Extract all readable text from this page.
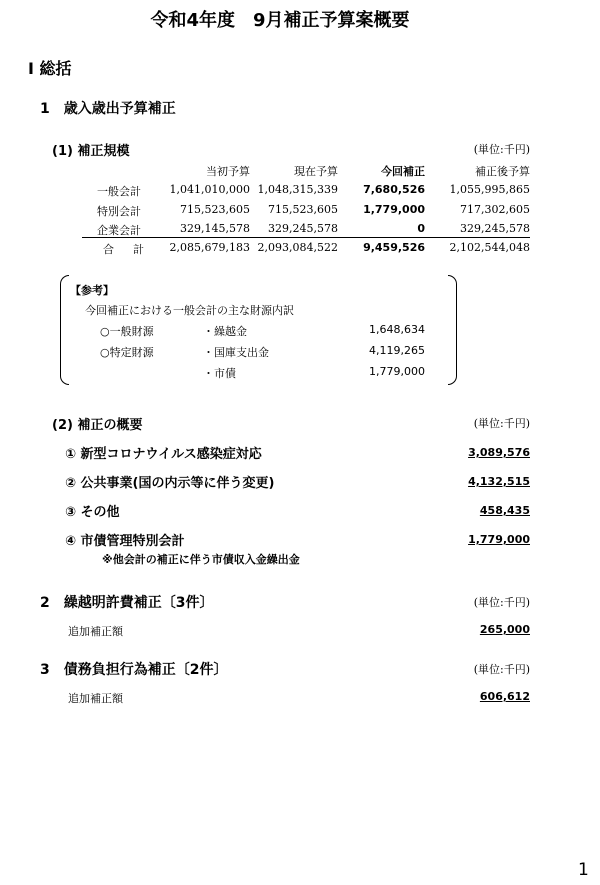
令和4年度　9月補正予算案概要
Ⅰ 総括
1　歳入歳出予算補正
(1) 補正規模	(単位:千円)
当初予算	現在予算	今回補正	補正後予算
一般会計	1,041,010,000 1,048,315,339	7,680,526	1,055,995,865
特別会計	715,523,605	715,523,605	1,779,000	717,302,605
企業会計	329,145,578	329,245,578	0	329,245,578
合　計	2,085,679,183 2,093,084,522	9,459,526	2,102,544,048
【参考】
今回補正における一般会計の主な財源内訳
○一般財源	・繰越金	1,648,634
○特定財源	・国庫支出金	4,119,265
・市債	1,779,000
(2) 補正の概要	(単位:千円)
① 新型コロナウイルス感染症対応	3,089,576
② 公共事業(国の内示等に伴う変更)	4,132,515
③ その他	458,435
④ 市債管理特別会計	1,779,000
※他会計の補正に伴う市債収入金繰出金
2　繰越明許費補正〔3件〕	(単位:千円)
追加補正額	265,000
3　債務負担行為補正〔2件〕	(単位:千円)
追加補正額	606,612
1
